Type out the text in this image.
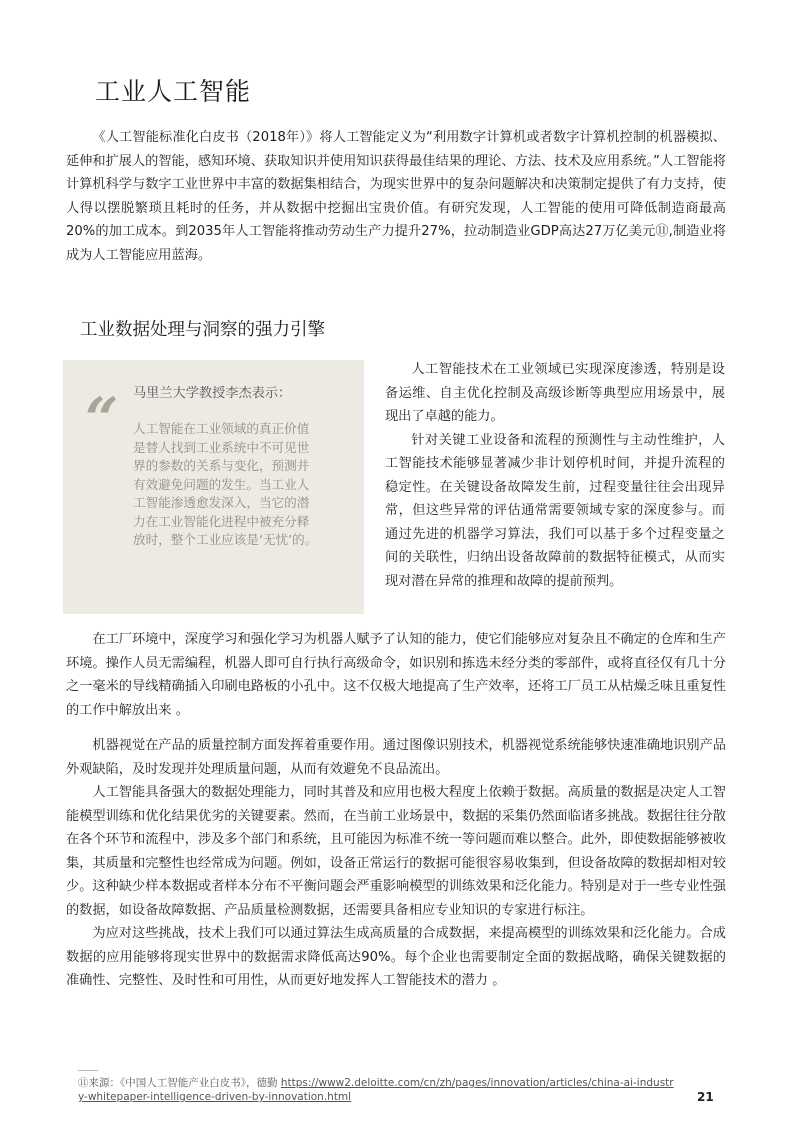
工业人工智能

《人工智能标准化白皮书（2018年）》将人工智能定义为“利用数字计算机或者数字计算机控制的机器模拟、延伸和扩展人的智能，感知环境、获取知识并使用知识获得最佳结果的理论、方法、技术及应用系统。”人工智能将计算机科学与数字工业世界中丰富的数据集相结合，为现实世界中的复杂问题解决和决策制定提供了有力支持，使人得以摆脱繁琐且耗时的任务，并从数据中挖掘出宝贵价值。有研究发现，人工智能的使用可降低制造商最高20%的加工成本。到2035年人工智能将推动劳动生产力提升27%，拉动制造业GDP高达27万亿美元⑪,制造业将成为人工智能应用蓝海。

工业数据处理与洞察的强力引擎
“ 马里兰大学教授李杰表示：

人工智能在工业领域的真正价值是替人找到工业系统中不可见世界的参数的关系与变化，预测并有效避免问题的发生。当工业人工智能渗透愈发深入，当它的潜力在工业智能化进程中被充分释放时，整个工业应该是‘无忧’的。

人工智能技术在工业领域已实现深度渗透，特别是设备运维、自主优化控制及高级诊断等典型应用场景中，展现出了卓越的能力。

针对关键工业设备和流程的预测性与主动性维护，人工智能技术能够显著减少非计划停机时间，并提升流程的稳定性。在关键设备故障发生前，过程变量往往会出现异常，但这些异常的评估通常需要领域专家的深度参与。而通过先进的机器学习算法，我们可以基于多个过程变量之间的关联性，归纳出设备故障前的数据特征模式，从而实现对潜在异常的推理和故障的提前预判。

在工厂环境中，深度学习和强化学习为机器人赋予了认知的能力，使它们能够应对复杂且不确定的仓库和生产环境。操作人员无需编程，机器人即可自行执行高级命令，如识别和拣选未经分类的零部件，或将直径仅有几十分之一毫米的导线精确插入印刷电路板的小孔中。这不仅极大地提高了生产效率，还将工厂员工从枯燥乏味且重复性的工作中解放出来 。

机器视觉在产品的质量控制方面发挥着重要作用。通过图像识别技术，机器视觉系统能够快速准确地识别产品外观缺陷，及时发现并处理质量问题，从而有效避免不良品流出。

人工智能具备强大的数据处理能力，同时其普及和应用也极大程度上依赖于数据。高质量的数据是决定人工智能模型训练和优化结果优劣的关键要素。然而，在当前工业场景中，数据的采集仍然面临诸多挑战。数据往往分散在各个环节和流程中，涉及多个部门和系统，且可能因为标准不统一等问题而难以整合。此外，即使数据能够被收集，其质量和完整性也经常成为问题。例如，设备正常运行的数据可能很容易收集到，但设备故障的数据却相对较少。这种缺少样本数据或者样本分布不平衡问题会严重影响模型的训练效果和泛化能力。特别是对于一些专业性强的数据，如设备故障数据、产品质量检测数据，还需要具备相应专业知识的专家进行标注。

为应对这些挑战，技术上我们可以通过算法生成高质量的合成数据，来提高模型的训练效果和泛化能力。合成数据的应用能够将现实世界中的数据需求降低高达90%。每个企业也需要制定全面的数据战略，确保关键数据的准确性、完整性、及时性和可用性，从而更好地发挥人工智能技术的潜力 。

⑪来源：《中国人工智能产业白皮书》，德勤 https://www2.deloitte.com/cn/zh/pages/innovation/articles/china-ai-industry-whitepaper-intelligence-driven-by-innovation.html	21
